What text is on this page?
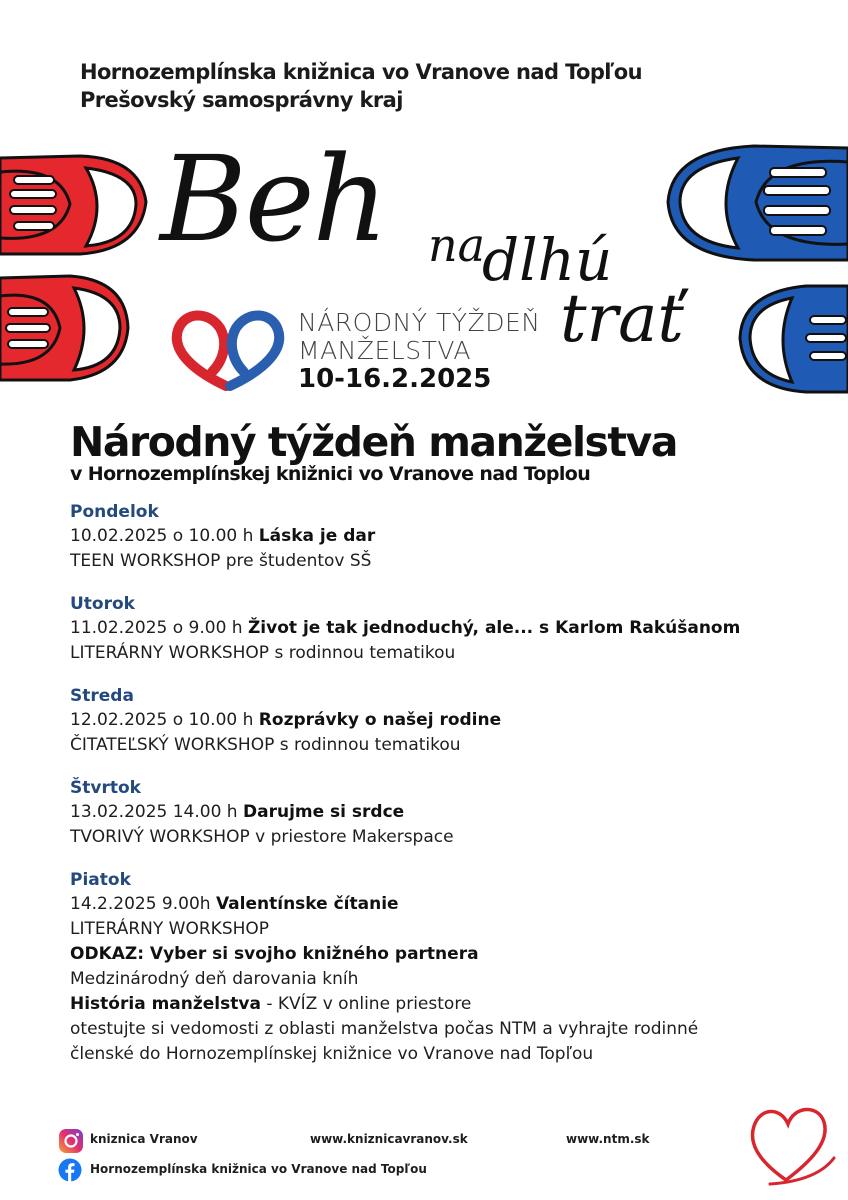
Hornozemplínska knižnica vo Vranove nad Topľou
Prešovský samosprávny kraj
Beh na
dlhú
trať
NÁRODNÝ TÝŽDEŇ
MANŽELSTVA
10-16.2.2025
Národný týždeň manželstva
v Hornozemplínskej knižnici vo Vranove nad Toplou
Pondelok
10.02.2025 o 10.00 h Láska je dar
TEEN WORKSHOP pre študentov SŠ
Utorok
11.02.2025 o 9.00 h Život je tak jednoduchý, ale... s Karlom Rakúšanom
LITERÁRNY WORKSHOP s rodinnou tematikou
Streda
12.02.2025 o 10.00 h Rozprávky o našej rodine
ČITATEĽSKÝ WORKSHOP s rodinnou tematikou
Štvrtok
13.02.2025 14.00 h Darujme si srdce
TVORIVÝ WORKSHOP v priestore Makerspace
Piatok
14.2.2025 9.00h Valentínske čítanie
LITERÁRNY WORKSHOP
ODKAZ: Vyber si svojho knižného partnera
Medzinárodný deň darovania kníh
História manželstva - KVÍZ v online priestore
otestujte si vedomosti z oblasti manželstva počas NTM a vyhrajte rodinné
členské do Hornozemplínskej knižnice vo Vranove nad Topľou
kniznica Vranov	www.kniznicavranov.sk	www.ntm.sk
Hornozemplínska knižnica vo Vranove nad Topľou
